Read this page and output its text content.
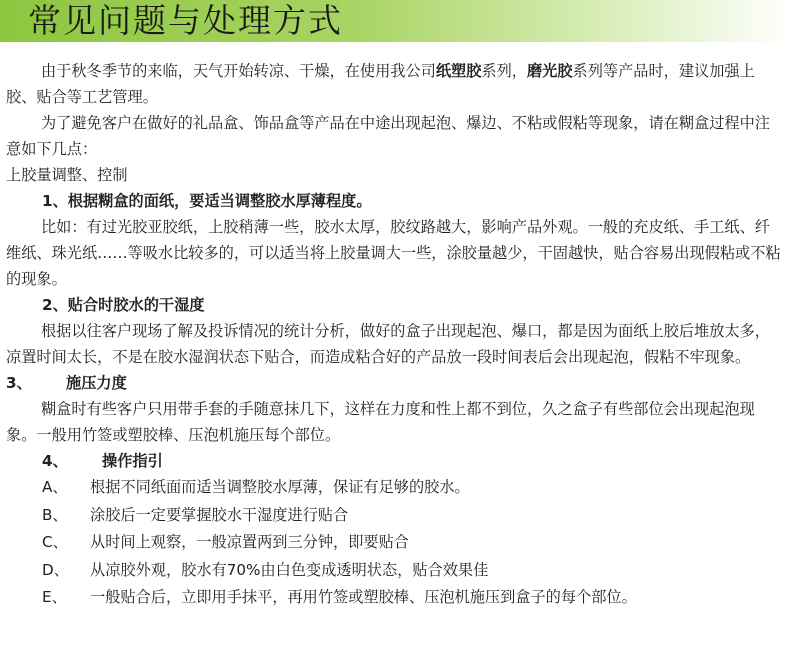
常见问题与处理方式

由于秋冬季节的来临，天气开始转凉、干燥，在使用我公司纸塑胶系列，磨光胶系列等产品时，建议加强上胶、贴合等工艺管理。

为了避免客户在做好的礼品盒、饰品盒等产品在中途出现起泡、爆边、不粘或假粘等现象，请在糊盒过程中注意如下几点：

上胶量调整、控制

1、根据糊盒的面纸，要适当调整胶水厚薄程度。

比如：有过光胶亚胶纸，上胶稍薄一些，胶水太厚，胶纹路越大，影响产品外观。一般的充皮纸、手工纸、纤维纸、珠光纸……等吸水比较多的，可以适当将上胶量调大一些，涂胶量越少，干固越快，贴合容易出现假粘或不粘的现象。

2、贴合时胶水的干湿度

根据以往客户现场了解及投诉情况的统计分析，做好的盒子出现起泡、爆口，都是因为面纸上胶后堆放太多，凉置时间太长，不是在胶水湿润状态下贴合，而造成粘合好的产品放一段时间表后会出现起泡，假粘不牢现象。

3、 施压力度

糊盒时有些客户只用带手套的手随意抹几下，这样在力度和性上都不到位，久之盒子有些部位会出现起泡现象。一般用竹签或塑胶棒、压泡机施压每个部位。

4、 操作指引

A、 根据不同纸面而适当调整胶水厚薄，保证有足够的胶水。

B、 涂胶后一定要掌握胶水干湿度进行贴合

C、 从时间上观察，一般凉置两到三分钟，即要贴合

D、 从凉胶外观，胶水有70%由白色变成透明状态，贴合效果佳

E、 一般贴合后，立即用手抹平，再用竹签或塑胶棒、压泡机施压到盒子的每个部位。
